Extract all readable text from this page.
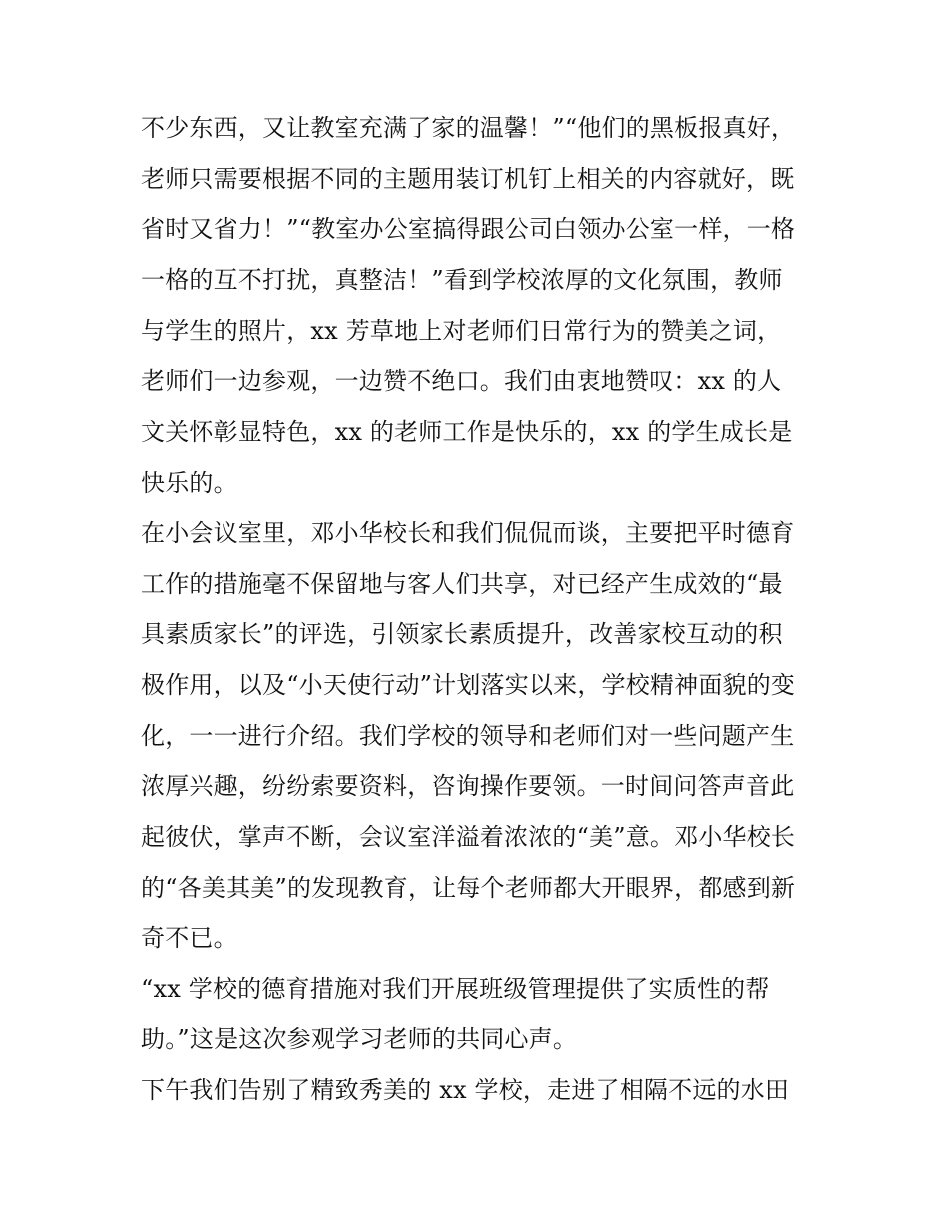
不少东西，又让教室充满了家的温馨！”“他们的黑板报真好，
老师只需要根据不同的主题用装订机钉上相关的内容就好，既
省时又省力！”“教室办公室搞得跟公司白领办公室一样，一格
一格的互不打扰，真整洁！”看到学校浓厚的文化氛围，教师
与学生的照片，xx 芳草地上对老师们日常行为的赞美之词，
老师们一边参观，一边赞不绝口。我们由衷地赞叹：xx 的人
文关怀彰显特色，xx 的老师工作是快乐的，xx 的学生成长是
快乐的。
在小会议室里，邓小华校长和我们侃侃而谈，主要把平时德育
工作的措施毫不保留地与客人们共享，对已经产生成效的“最
具素质家长”的评选，引领家长素质提升，改善家校互动的积
极作用，以及“小天使行动”计划落实以来，学校精神面貌的变
化，一一进行介绍。我们学校的领导和老师们对一些问题产生
浓厚兴趣，纷纷索要资料，咨询操作要领。一时间问答声音此
起彼伏，掌声不断，会议室洋溢着浓浓的“美”意。邓小华校长
的“各美其美”的发现教育，让每个老师都大开眼界，都感到新
奇不已。
“xx 学校的德育措施对我们开展班级管理提供了实质性的帮
助。”这是这次参观学习老师的共同心声。
下午我们告别了精致秀美的 xx 学校，走进了相隔不远的水田
